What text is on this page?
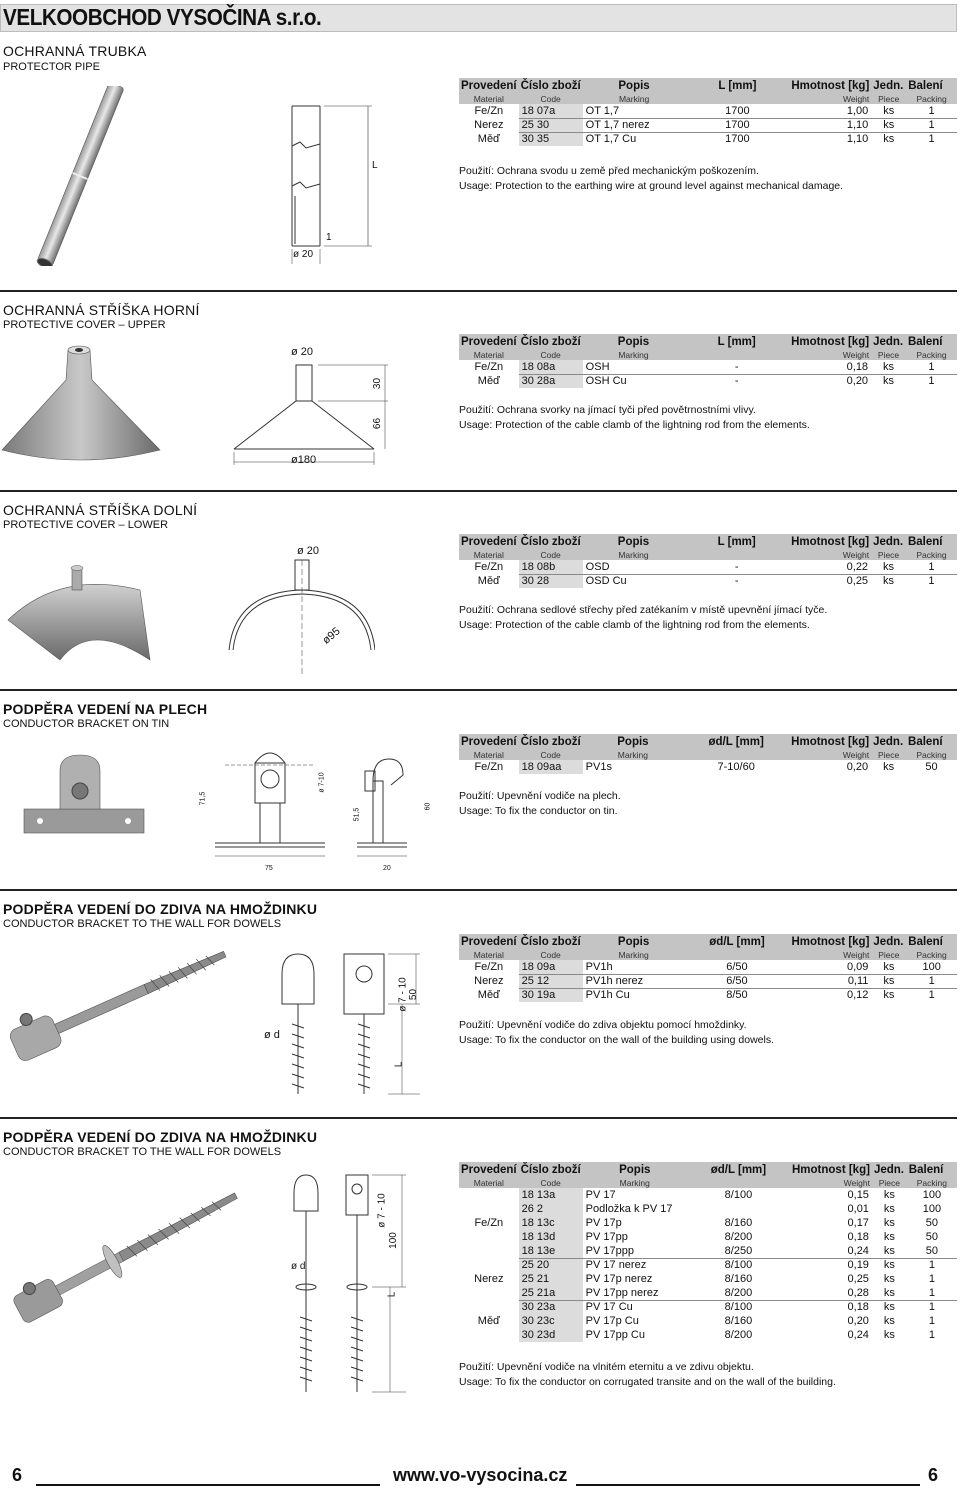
VELKOOBCHOD VYSOČINA s.r.o.
OCHRANNÁ TRUBKA
PROTECTOR PIPE
L
1
ø 20
Provedení	Číslo zboží	Popis	L [mm]	Hmotnost [kg]	Jedn.	Balení
Material	Code	Marking		Weight	Piece	Packing
Fe/Zn	18 07a	OT 1,7	1700	1,00	ks	1
Nerez	25 30	OT 1,7 nerez	1700	1,10	ks	1
Měď	30 35	OT 1,7 Cu	1700	1,10	ks	1
Použití: Ochrana svodu u země před mechanickým poškozením.
Usage: Protection to the earthing wire at ground level against mechanical damage.
OCHRANNÁ STŘÍŠKA HORNÍ
PROTECTIVE COVER – UPPER
ø 20
30
66
ø180
Provedení	Číslo zboží	Popis	L [mm]	Hmotnost [kg]	Jedn.	Balení
Material	Code	Marking		Weight	Piece	Packing
Fe/Zn	18 08a	OSH	-	0,18	ks	1
Měď	30 28a	OSH Cu	-	0,20	ks	1
Použití: Ochrana svorky na jímací tyči před povětrnostními vlivy.
Usage: Protection of the cable clamb of the lightning rod from the elements.
OCHRANNÁ STŘÍŠKA DOLNÍ
PROTECTIVE COVER – LOWER
ø 20
ø95
Provedení	Číslo zboží	Popis	L [mm]	Hmotnost [kg]	Jedn.	Balení
Material	Code	Marking		Weight	Piece	Packing
Fe/Zn	18 08b	OSD	-	0,22	ks	1
Měď	30 28	OSD Cu	-	0,25	ks	1
Použití: Ochrana sedlové střechy před zatékaním v místě upevnění jímací tyče.
Usage: Protection of the cable clamb of the lightning rod from the elements.
PODPĚRA VEDENÍ NA PLECH
CONDUCTOR BRACKET ON TIN
71,5
ø 7-10
51,5
60
75	20
Provedení	Číslo zboží	Popis	ød/L [mm]	Hmotnost [kg]	Jedn.	Balení
Material	Code	Marking		Weight	Piece	Packing
Fe/Zn	18 09aa	PV1s	7-10/60	0,20	ks	50
Použití: Upevnění vodiče na plech.
Usage: To fix the conductor on tin.
PODPĚRA VEDENÍ DO ZDIVA NA HMOŽDINKU
CONDUCTOR BRACKET TO THE WALL FOR DOWELS
ø d
ø 7 - 10 50
L
Provedení	Číslo zboží	Popis	ød/L [mm]	Hmotnost [kg]	Jedn.	Balení
Material	Code	Marking		Weight	Piece	Packing
Fe/Zn	18 09a	PV1h	6/50	0,09	ks	100
Nerez	25 12	PV1h nerez	6/50	0,11	ks	1
Měď	30 19a	PV1h Cu	8/50	0,12	ks	1
Použití: Upevnění vodiče do zdiva objektu pomocí hmoždinky.
Usage: To fix the conductor on the wall of the building using dowels.
PODPĚRA VEDENÍ DO ZDIVA NA HMOŽDINKU
CONDUCTOR BRACKET TO THE WALL FOR DOWELS
ø d
ø 7 - 10
100
L
Provedení	Číslo zboží	Popis	ød/L [mm]	Hmotnost [kg]	Jedn.	Balení
Material	Code	Marking		Weight	Piece	Packing
Fe/Zn	18 13a	PV 17	8/100	0,15	ks	100
	26 2	Podložka k PV 17		0,01	ks	100
	18 13c	PV 17p	8/160	0,17	ks	50
	18 13d	PV 17pp	8/200	0,18	ks	50
	18 13e	PV 17ppp	8/250	0,24	ks	50
Nerez	25 20	PV 17 nerez	8/100	0,19	ks	1
	25 21	PV 17p nerez	8/160	0,25	ks	1
	25 21a	PV 17pp nerez	8/200	0,28	ks	1
Měď	30 23a	PV 17 Cu	8/100	0,18	ks	1
	30 23c	PV 17p Cu	8/160	0,20	ks	1
	30 23d	PV 17pp Cu	8/200	0,24	ks	1
Použití: Upevnění vodiče na vlnitém eternitu a ve zdivu objektu.
Usage: To fix the conductor on corrugated transite and on the wall of the building.
6	www.vo-vysocina.cz	6
